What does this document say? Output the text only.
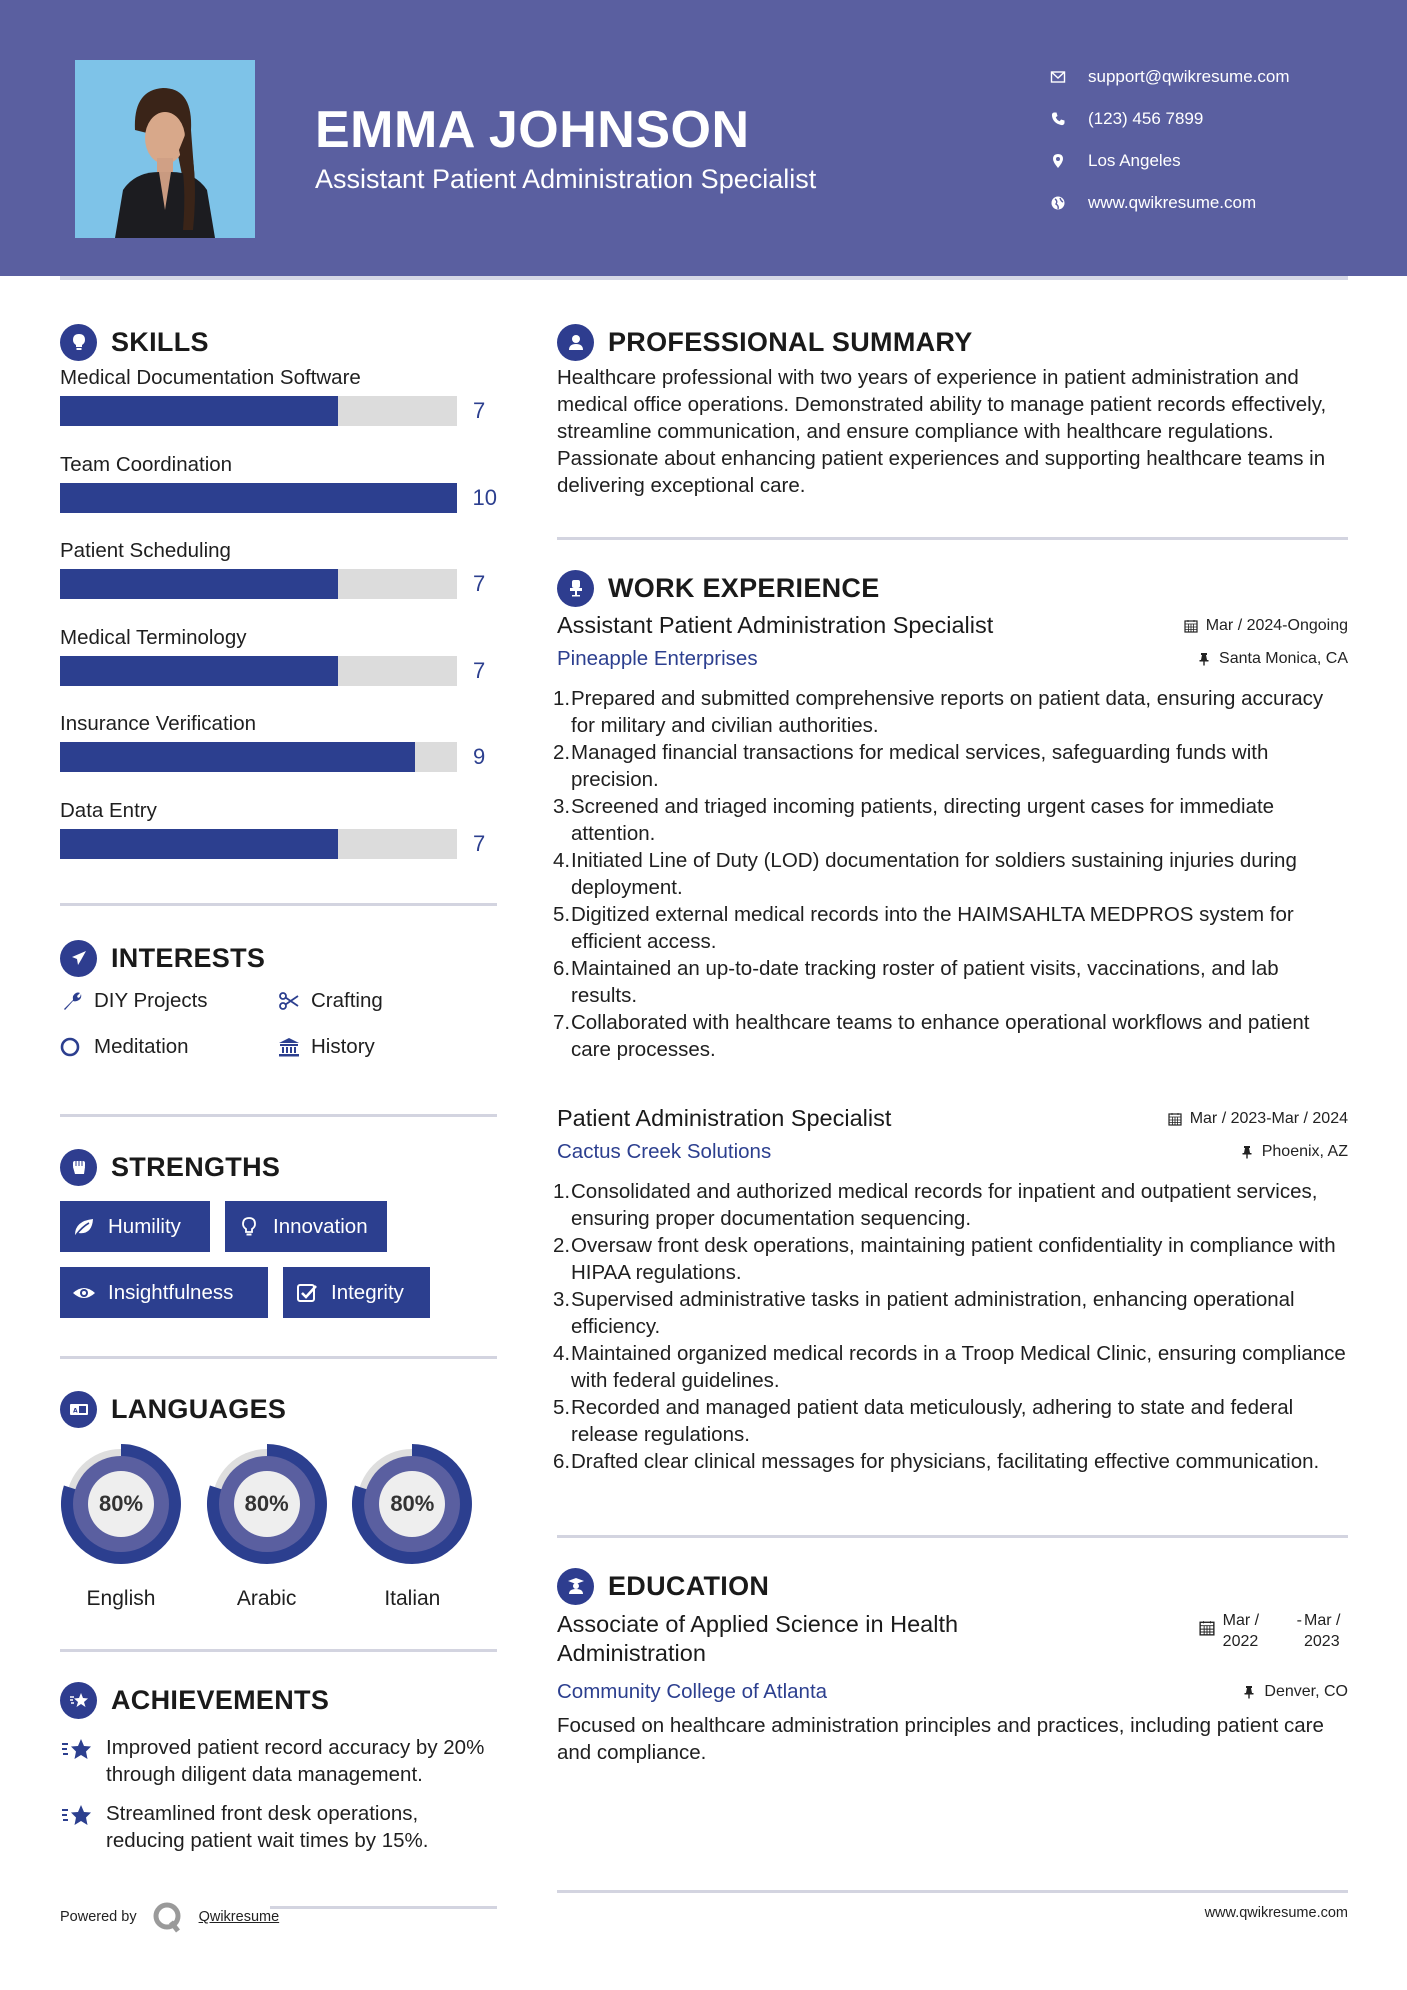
EMMA JOHNSON
Assistant Patient Administration Specialist
support@qwikresume.com
(123) 456 7899
Los Angeles
www.qwikresume.com
SKILLS
Medical Documentation Software
7
Team Coordination
10
Patient Scheduling
7
Medical Terminology
7
Insurance Verification
9
Data Entry
7
INTERESTS
DIY Projects	Crafting
Meditation	History
STRENGTHS
Humility	Innovation
Insightfulness	Integrity
A LANGUAGES
80%
English
80%
Arabic
80%
Italian
ACHIEVEMENTS
Improved patient record accuracy by 20% through diligent data management.
Streamlined front desk operations, reducing patient wait times by 15%.
Powered by	Qwikresume
PROFESSIONAL SUMMARY

Healthcare professional with two years of experience in patient administration and medical office operations. Demonstrated ability to manage patient records effectively, streamline communication, and ensure compliance with healthcare regulations. Passionate about enhancing patient experiences and supporting healthcare teams in delivering exceptional care.

WORK EXPERIENCE
Assistant Patient Administration Specialist	Mar / 2024-Ongoing
Pineapple Enterprises	Santa Monica, CA
1. Prepared and submitted comprehensive reports on patient data, ensuring accuracy for military and civilian authorities.
2. Managed financial transactions for medical services, safeguarding funds with precision.
3. Screened and triaged incoming patients, directing urgent cases for immediate attention.
4. Initiated Line of Duty (LOD) documentation for soldiers sustaining injuries during deployment.
5. Digitized external medical records into the HAIMSAHLTA MEDPROS system for efficient access.
6. Maintained an up-to-date tracking roster of patient visits, vaccinations, and lab results.
7. Collaborated with healthcare teams to enhance operational workflows and patient care processes.
Patient Administration Specialist	Mar / 2023-Mar / 2024
Cactus Creek Solutions	Phoenix, AZ
1. Consolidated and authorized medical records for inpatient and outpatient services, ensuring proper documentation sequencing.
2. Oversaw front desk operations, maintaining patient confidentiality in compliance with HIPAA regulations.
3. Supervised administrative tasks in patient administration, enhancing operational efficiency.
4. Maintained organized medical records in a Troop Medical Clinic, ensuring compliance with federal guidelines.
5. Recorded and managed patient data meticulously, adhering to state and federal release regulations.
6. Drafted clear clinical messages for physicians, facilitating effective communication.
EDUCATION
Associate of Applied Science in Health Administration
Mar / 2022
- Mar / 2023
Community College of Atlanta	Denver, CO

Focused on healthcare administration principles and practices, including patient care and compliance.

www.qwikresume.com
